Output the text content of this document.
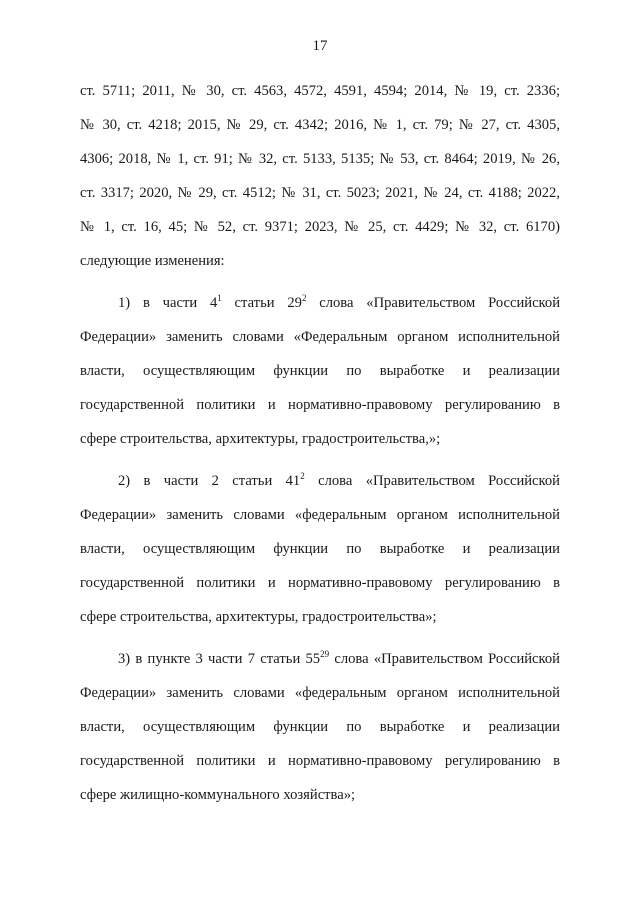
17
ст. 5711; 2011, № 30, ст. 4563, 4572, 4591, 4594; 2014, № 19, ст. 2336;
№ 30, ст. 4218; 2015, № 29, ст. 4342; 2016, № 1, ст. 79; № 27, ст. 4305,
4306; 2018, № 1, ст. 91; № 32, ст. 5133, 5135; № 53, ст. 8464; 2019, № 26,
ст. 3317; 2020, № 29, ст. 4512; № 31, ст. 5023; 2021, № 24, ст. 4188; 2022,
№ 1, ст. 16, 45; № 52, ст. 9371; 2023, № 25, ст. 4429; № 32, ст. 6170)
следующие изменения:
1) в части $4^1$ статьи $29^2$ слова «Правительством Российской
Федерации» заменить словами «Федеральным органом исполнительной
власти, осуществляющим функции по выработке и реализации
государственной политики и нормативно-правовому регулированию в
сфере строительства, архитектуры, градостроительства,»;
2) в части 2 статьи $41^2$ слова «Правительством Российской
Федерации» заменить словами «федеральным органом исполнительной
власти, осуществляющим функции по выработке и реализации
государственной политики и нормативно-правовому регулированию в
сфере строительства, архитектуры, градостроительства»;
3) в пункте 3 части 7 статьи $55^{29}$ слова «Правительством Российской
Федерации» заменить словами «федеральным органом исполнительной
власти, осуществляющим функции по выработке и реализации
государственной политики и нормативно-правовому регулированию в
сфере жилищно-коммунального хозяйства»;
